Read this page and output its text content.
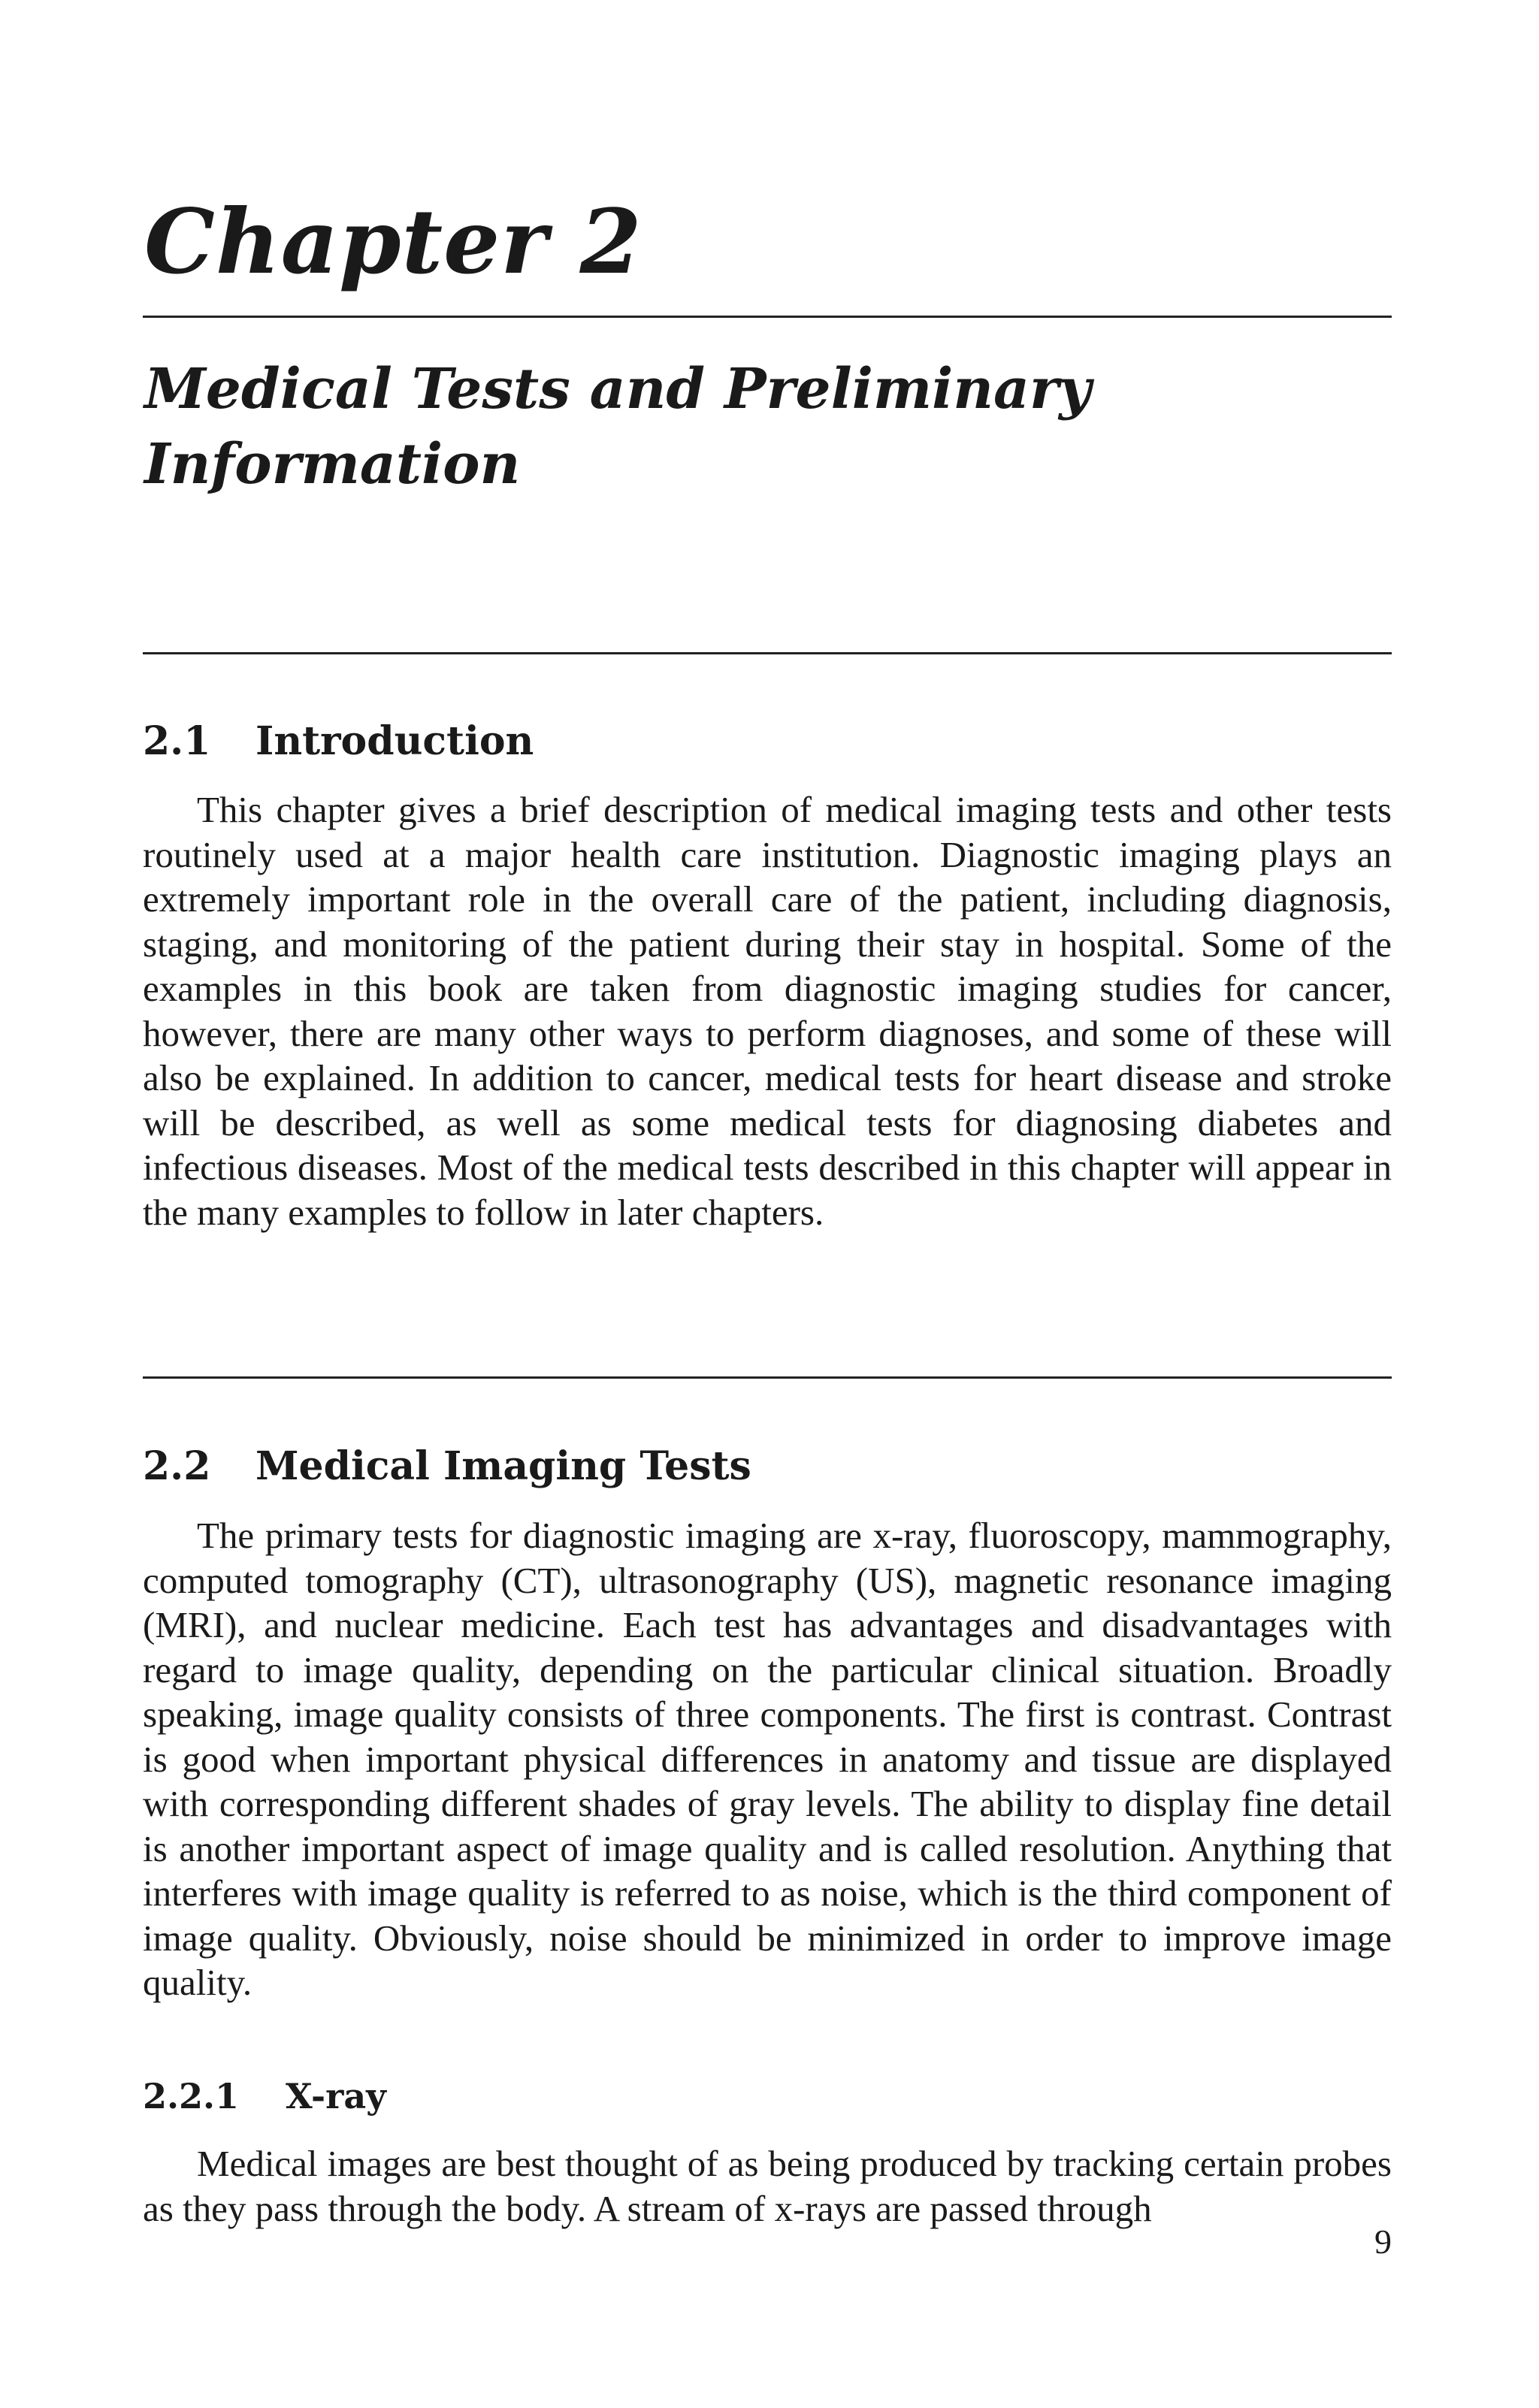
Chapter 2
Medical Tests and Preliminary Information
2.1 Introduction

This chapter gives a brief description of medical imaging tests and other tests routinely used at a major health care institution. Diagnostic imaging plays an extremely important role in the overall care of the patient, including diagnosis, staging, and monitoring of the patient during their stay in hospital. Some of the examples in this book are taken from diagnostic imaging studies for cancer, however, there are many other ways to perform diagnoses, and some of these will also be explained. In addition to cancer, medical tests for heart disease and stroke will be described, as well as some medical tests for diagnosing diabetes and infectious diseases. Most of the medical tests described in this chapter will appear in the many examples to follow in later chapters.

2.2 Medical Imaging Tests

The primary tests for diagnostic imaging are x-ray, fluoroscopy, mammography, computed tomography (CT), ultrasonography (US), magnetic resonance imaging (MRI), and nuclear medicine. Each test has advantages and disadvantages with regard to image quality, depending on the particular clinical situation. Broadly speaking, image quality consists of three components. The first is contrast. Contrast is good when important physical differences in anatomy and tissue are displayed with corresponding different shades of gray levels. The ability to display fine detail is another important aspect of image quality and is called resolution. Anything that interferes with image quality is referred to as noise, which is the third component of image quality. Obviously, noise should be minimized in order to improve image quality.

2.2.1 X-ray

Medical images are best thought of as being produced by tracking certain probes as they pass through the body. A stream of x-rays are passed through

9
